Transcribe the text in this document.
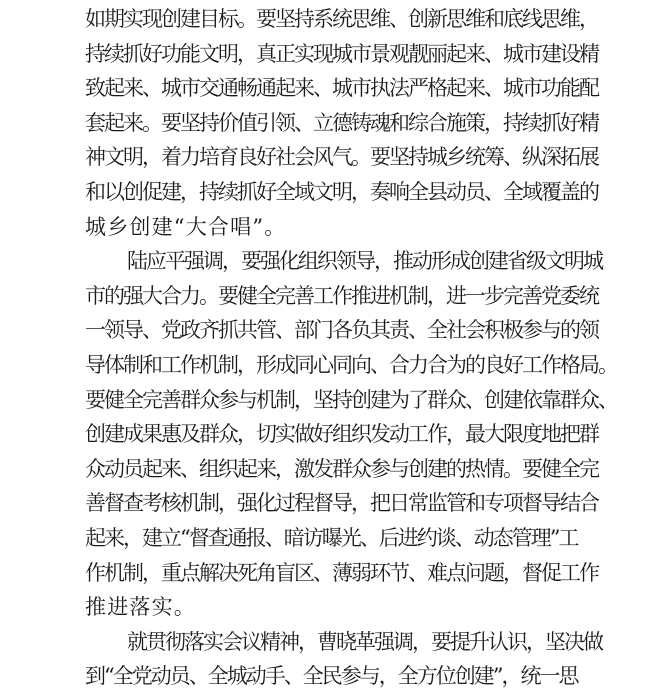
如期实现创建目标。要坚持系统思维、创新思维和底线思维，
持续抓好功能文明，真正实现城市景观靓丽起来、城市建设精
致起来、城市交通畅通起来、城市执法严格起来、城市功能配
套起来。要坚持价值引领、立德铸魂和综合施策，持续抓好精
神文明，着力培育良好社会风气。要坚持城乡统筹、纵深拓展
和以创促建，持续抓好全域文明，奏响全县动员、全域覆盖的
城乡创建“大合唱”。
陆应平强调，要强化组织领导，推动形成创建省级文明城
市的强大合力。要健全完善工作推进机制，进一步完善党委统
一领导、党政齐抓共管、部门各负其责、全社会积极参与的领
导体制和工作机制，形成同心同向、合力合为的良好工作格局。
要健全完善群众参与机制，坚持创建为了群众、创建依靠群众、
创建成果惠及群众，切实做好组织发动工作，最大限度地把群
众动员起来、组织起来，激发群众参与创建的热情。要健全完
善督查考核机制，强化过程督导，把日常监管和专项督导结合
起来，建立“督查通报、暗访曝光、后进约谈、动态管理”工
作机制，重点解决死角盲区、薄弱环节、难点问题，督促工作
推进落实。
就贯彻落实会议精神，曹晓革强调，要提升认识，坚决做
到“全党动员、全城动手、全民参与，全方位创建”，统一思
